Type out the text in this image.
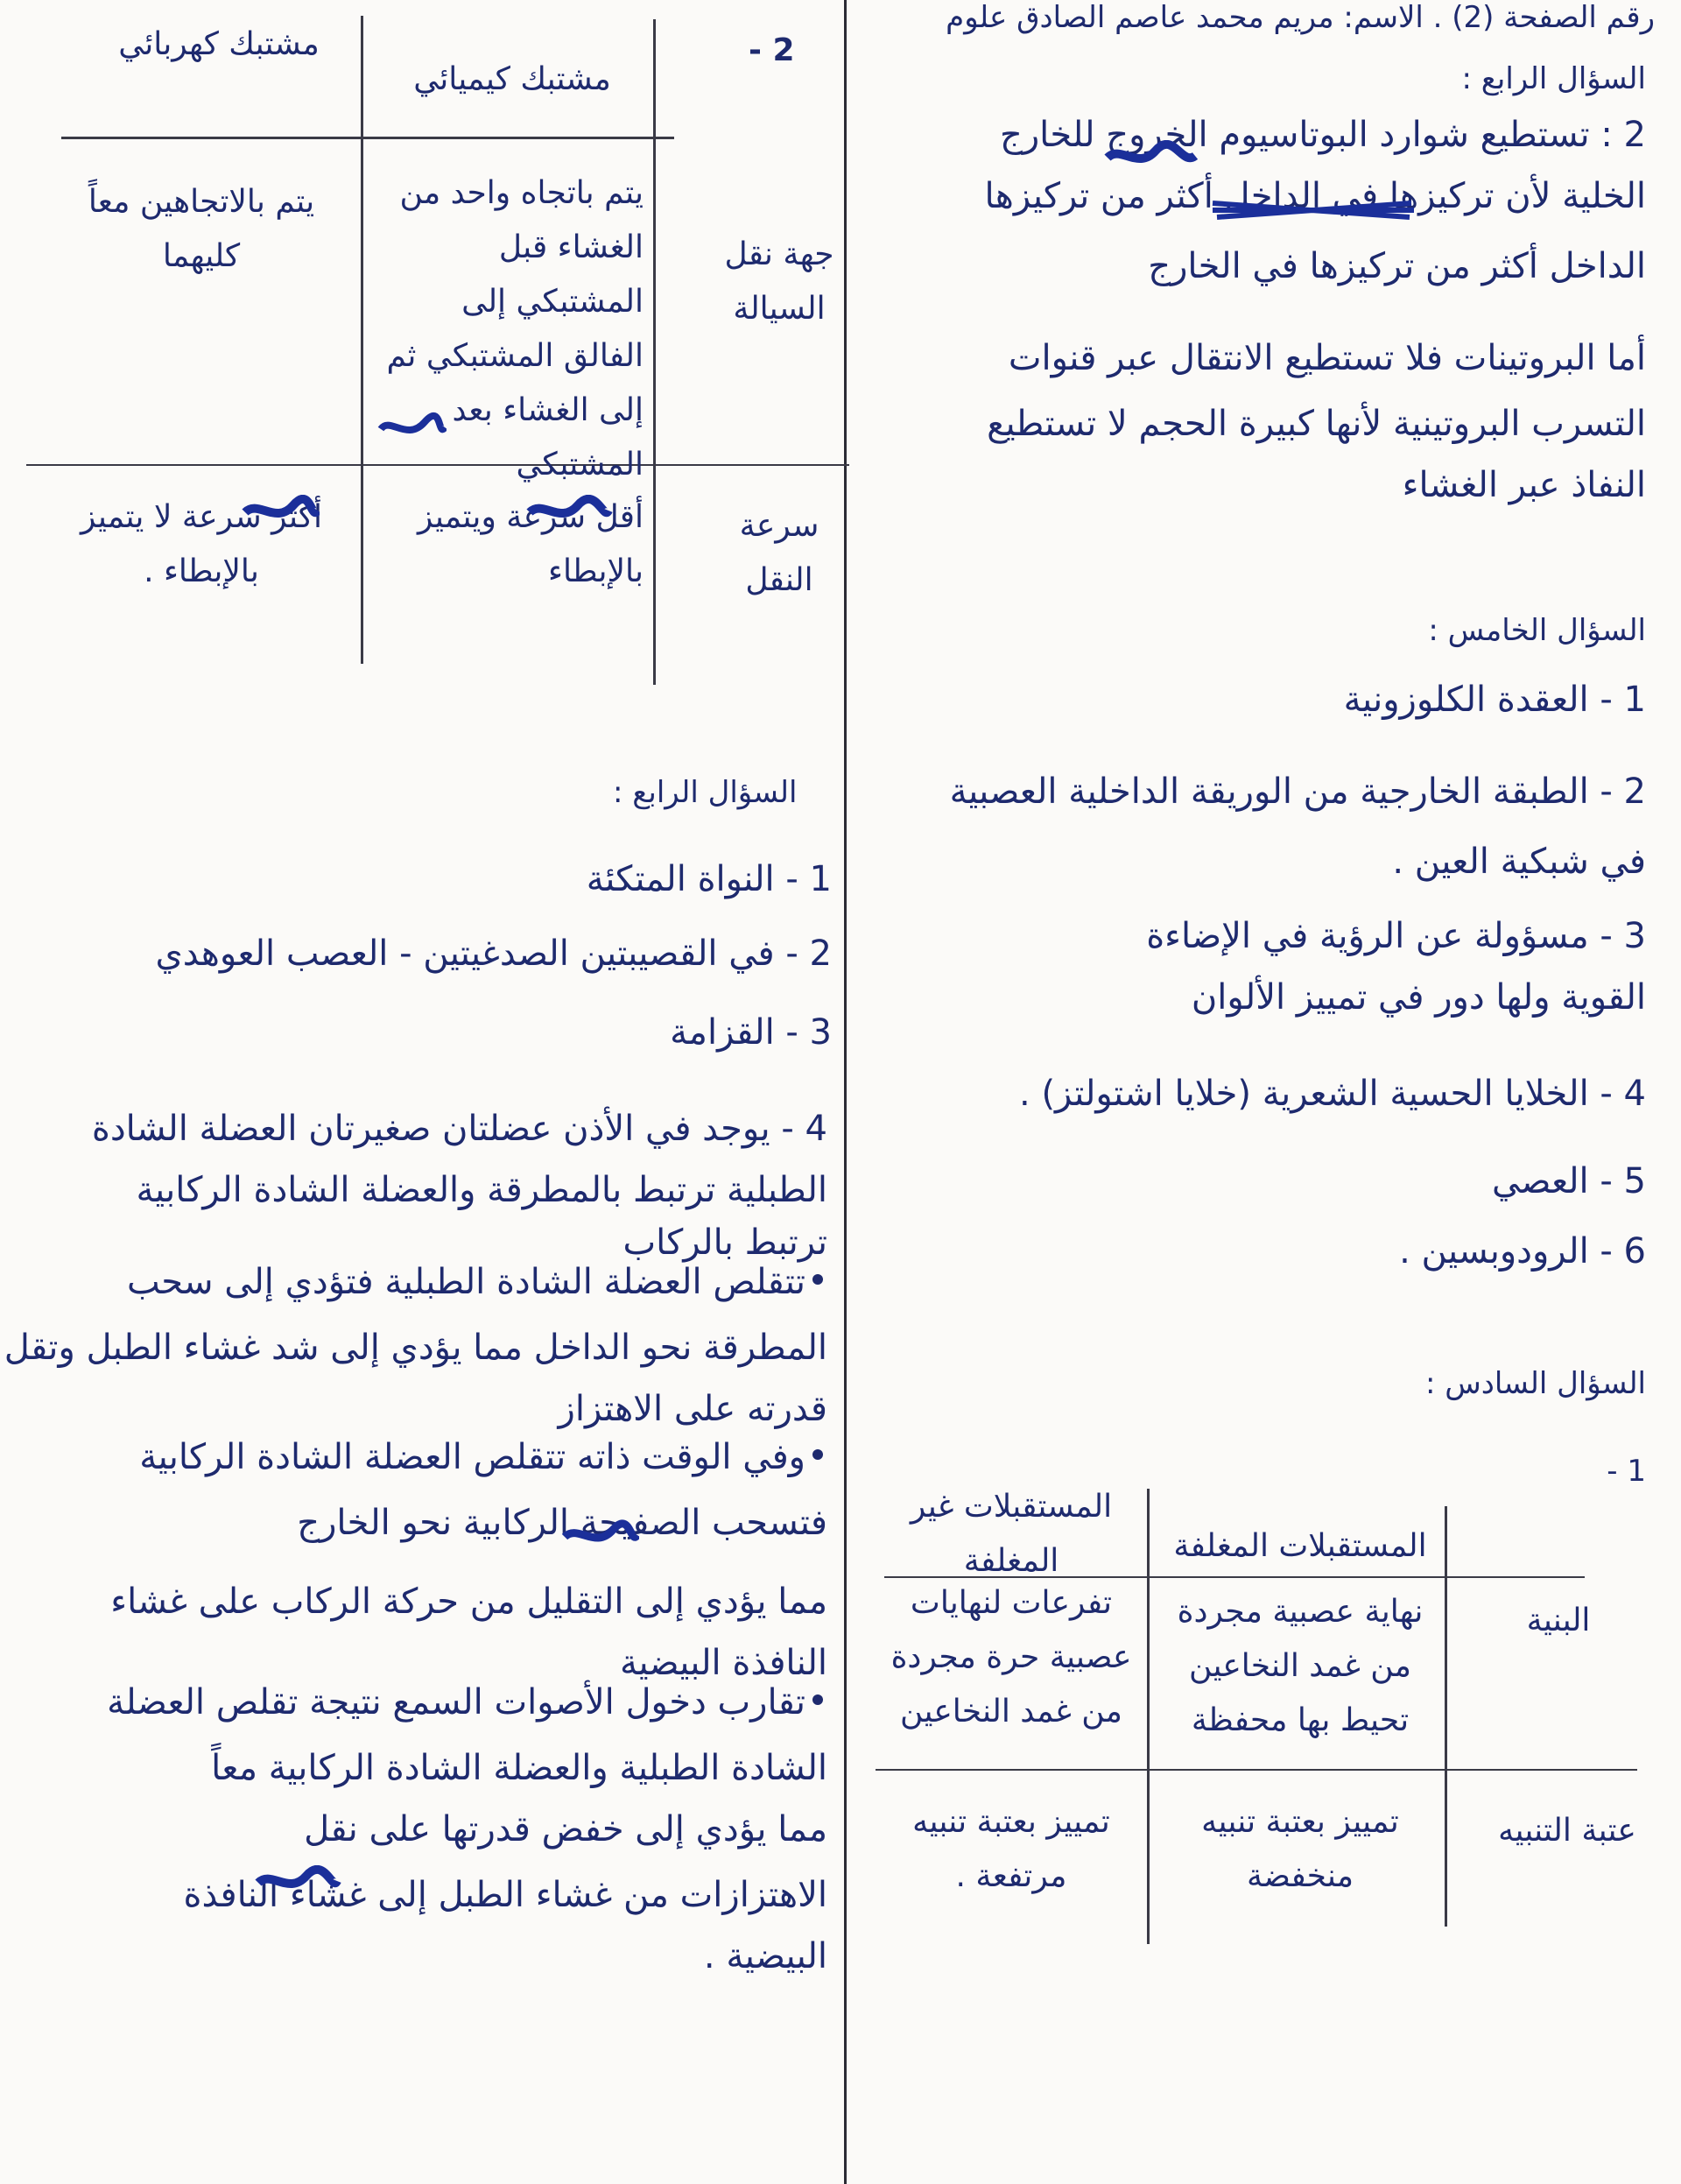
2 -
رقم الصفحة (2) . الاسم: مريم محمد عاصم الصادق علوم
مشتبك كيميائي
مشتبك كهربائي
جهة نقل السيالة
يتم باتجاه واحد من الغشاء قبل المشتبكي إلى الفالق المشتبكي ثم إلى الغشاء بعد المشتبكي
يتم بالاتجاهين معاً كليهما
سرعة النقل
أقل سرعة ويتميز بالإبطاء
أكثر سرعة لا يتميز بالإبطاء .
السؤال الرابع :
2 : تستطيع شوارد البوتاسيوم الخروج للخارج
الخلية لأن تركيزها في الداخل أكثر من تركيزها
الداخل أكثر من تركيزها في الخارج
أما البروتينات فلا تستطيع الانتقال عبر قنوات
التسرب البروتينية لأنها كبيرة الحجم لا تستطيع
النفاذ عبر الغشاء
السؤال الخامس :
1 - العقدة الكلوزونية
2 - الطبقة الخارجية من الوريقة الداخلية العصبية
في شبكية العين .
3 - مسؤولة عن الرؤية في الإضاءة
القوية ولها دور في تمييز الألوان
4 - الخلايا الحسية الشعرية (خلايا اشتولتز) .
5 - العصي
6 - الرودوبسين .
السؤال السادس :
1 -
المستقبلات المغلفة
المستقبلات غير المغلفة
البنية
نهاية عصبية مجردة من غمد النخاعين تحيط بها محفظة
تفرعات لنهايات عصبية حرة مجردة من غمد النخاعين
عتبة التنبيه
تمييز بعتبة تنبيه منخفضة
تمييز بعتبة تنبيه مرتفعة .
السؤال الرابع :
1 - النواة المتكئة
2 - في القصيبتين الصدغيتين - العصب العوهدي
3 - القزامة
4 - يوجد في الأذن عضلتان صغيرتان العضلة الشادة
الطبلية ترتبط بالمطرقة والعضلة الشادة الركابية
ترتبط بالركاب
تتقلص العضلة الشادة الطبلية فتؤدي إلى سحب
المطرقة نحو الداخل مما يؤدي إلى شد غشاء الطبل وتقل
قدرته على الاهتزاز
وفي الوقت ذاته تتقلص العضلة الشادة الركابية
فتسحب الصفيحة الركابية نحو الخارج
مما يؤدي إلى التقليل من حركة الركاب على غشاء
النافذة البيضية
تقارب دخول الأصوات السمع نتيجة تقلص العضلة
الشادة الطبلية والعضلة الشادة الركابية معاً
مما يؤدي إلى خفض قدرتها على نقل
الاهتزازات من غشاء الطبل إلى غشاء النافذة
البيضية .
